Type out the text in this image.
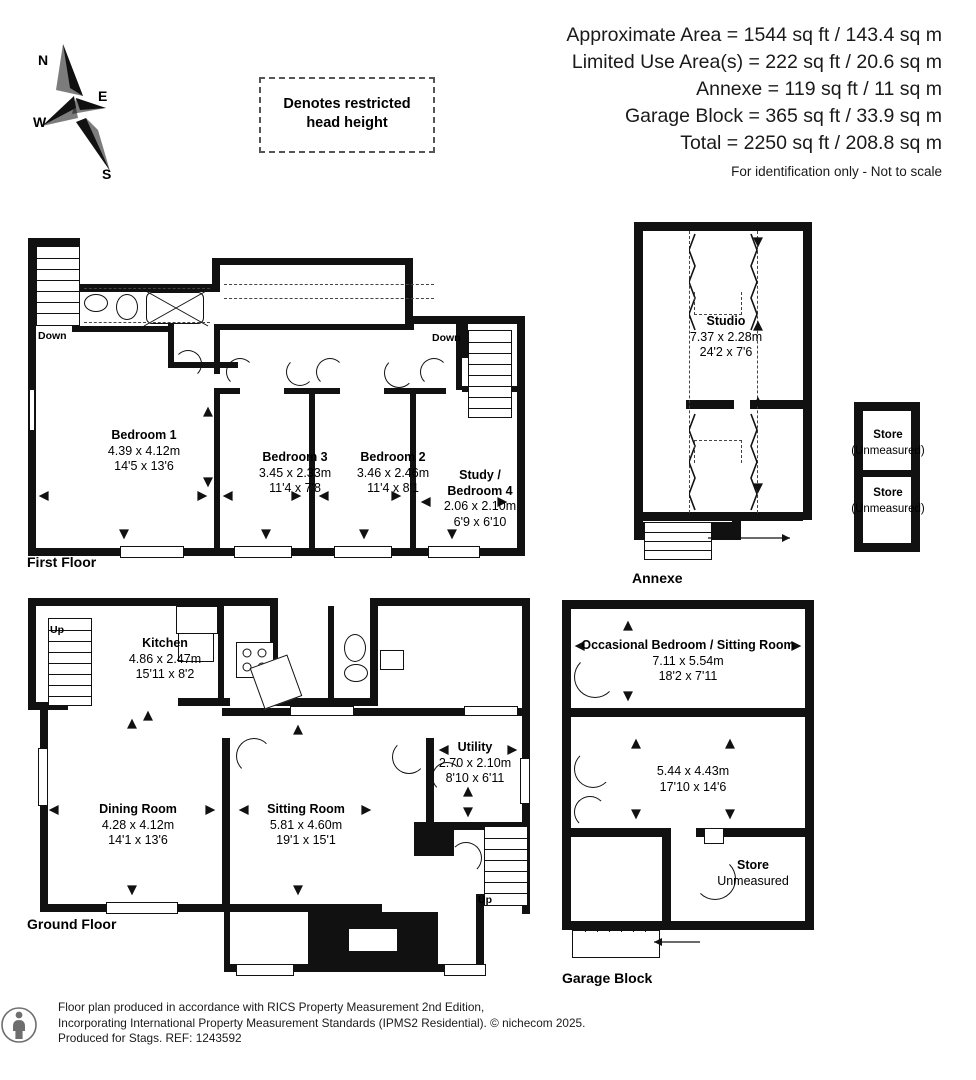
Approximate Area = 1544 sq ft / 143.4 sq m
Limited Use Area(s) = 222 sq ft / 20.6 sq m
Annexe = 119 sq ft / 11 sq m
Garage Block = 365 sq ft / 33.9 sq m
Total = 2250 sq ft / 208.8 sq m
For identification only - Not to scale
N
E
S
W
Denotes restricted
head height
Down	Down
Bedroom 1
4.39 x 4.12m
14'5 x 13'6
Bedroom 3
3.45 x 2.33m
11'4 x 7'8
Bedroom 2
3.46 x 2.46m
11'4 x 8'1
Study /
Bedroom 4
2.06 x 2.10m
6'9 x 6'10
First Floor
Studio
7.37 x 2.28m
24'2 x 7'6
Store
(Unmeasured)
Store
(Unmeasured)
Annexe
Up
Up
Kitchen
4.86 x 2.47m
15'11 x 8'2
Dining Room
4.28 x 4.12m
14'1 x 13'6
Sitting Room
5.81 x 4.60m
19'1 x 15'1
Utility
2.70 x 2.10m
8'10 x 6'11
Ground Floor
Occasional Bedroom / Sitting Room
7.11 x 5.54m
18'2 x 7'11
5.44 x 4.43m
17'10 x 14'6
Store
Unmeasured
Garage Block
Floor plan produced in accordance with RICS Property Measurement 2nd Edition,
Incorporating International Property Measurement Standards (IPMS2 Residential). © nichecom 2025.
Produced for Stags. REF: 1243592
